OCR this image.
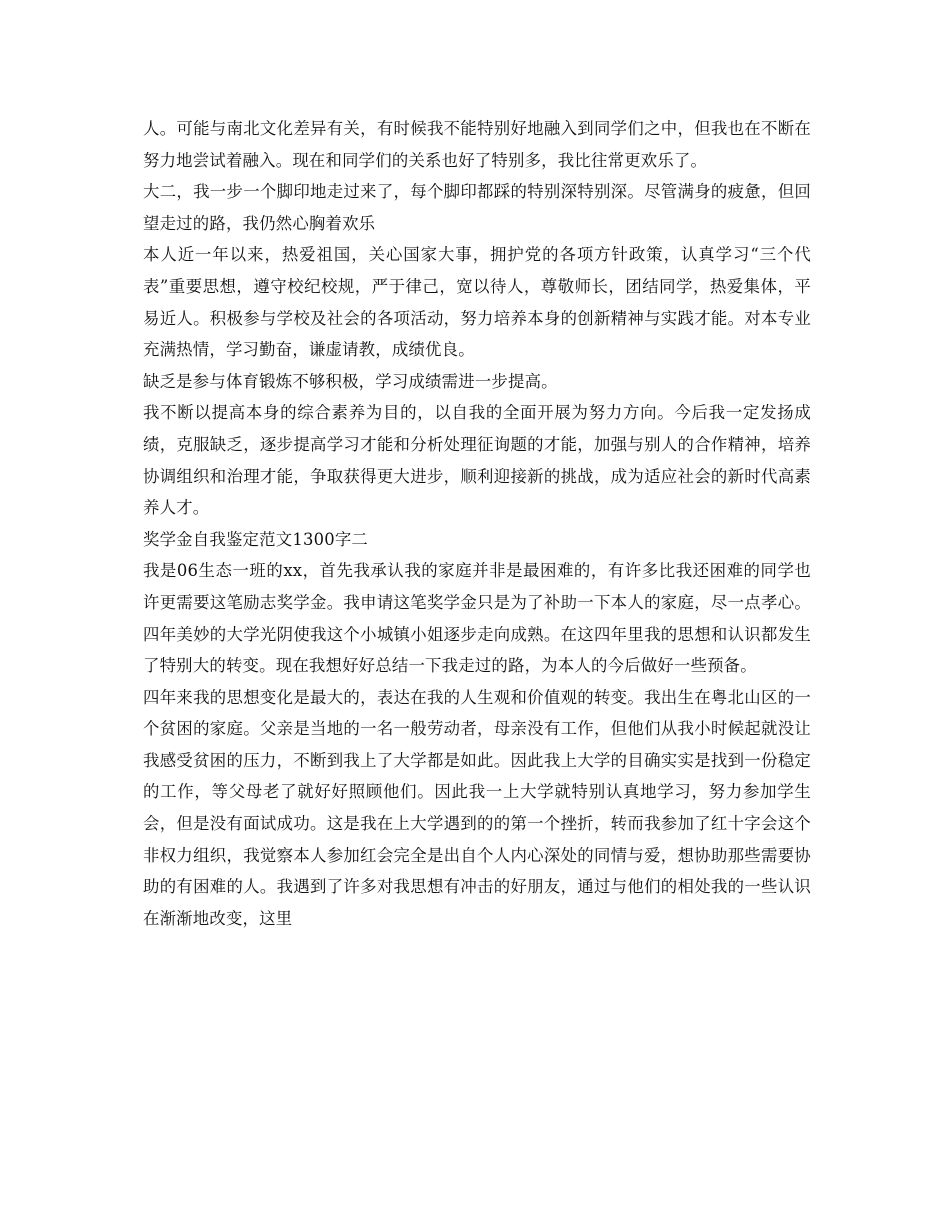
人。可能与南北文化差异有关，有时候我不能特别好地融入到同学们之中，但我也在不断在努力地尝试着融入。现在和同学们的关系也好了特别多，我比往常更欢乐了。

大二，我一步一个脚印地走过来了，每个脚印都踩的特别深特别深。尽管满身的疲惫，但回望走过的路，我仍然心胸着欢乐

本人近一年以来，热爱祖国，关心国家大事，拥护党的各项方针政策，认真学习“三个代表”重要思想，遵守校纪校规，严于律己，宽以待人，尊敬师长，团结同学，热爱集体，平易近人。积极参与学校及社会的各项活动，努力培养本身的创新精神与实践才能。对本专业充满热情，学习勤奋，谦虚请教，成绩优良。

缺乏是参与体育锻炼不够积极，学习成绩需进一步提高。

我不断以提高本身的综合素养为目的，以自我的全面开展为努力方向。今后我一定发扬成绩，克服缺乏，逐步提高学习才能和分析处理征询题的才能，加强与别人的合作精神，培养协调组织和治理才能，争取获得更大进步，顺利迎接新的挑战，成为适应社会的新时代高素养人才。

奖学金自我鉴定范文1300字二

我是06生态一班的xx，首先我承认我的家庭并非是最困难的，有许多比我还困难的同学也许更需要这笔励志奖学金。我申请这笔奖学金只是为了补助一下本人的家庭，尽一点孝心。四年美妙的大学光阴使我这个小城镇小姐逐步走向成熟。在这四年里我的思想和认识都发生了特别大的转变。现在我想好好总结一下我走过的路，为本人的今后做好一些预备。

四年来我的思想变化是最大的，表达在我的人生观和价值观的转变。我出生在粤北山区的一个贫困的家庭。父亲是当地的一名一般劳动者，母亲没有工作，但他们从我小时候起就没让我感受贫困的压力，不断到我上了大学都是如此。因此我上大学的目确实实是找到一份稳定的工作，等父母老了就好好照顾他们。因此我一上大学就特别认真地学习，努力参加学生会，但是没有面试成功。这是我在上大学遇到的的第一个挫折，转而我参加了红十字会这个非权力组织，我觉察本人参加红会完全是出自个人内心深处的同情与爱，想协助那些需要协助的有困难的人。我遇到了许多对我思想有冲击的好朋友，通过与他们的相处我的一些认识在渐渐地改变，这里
